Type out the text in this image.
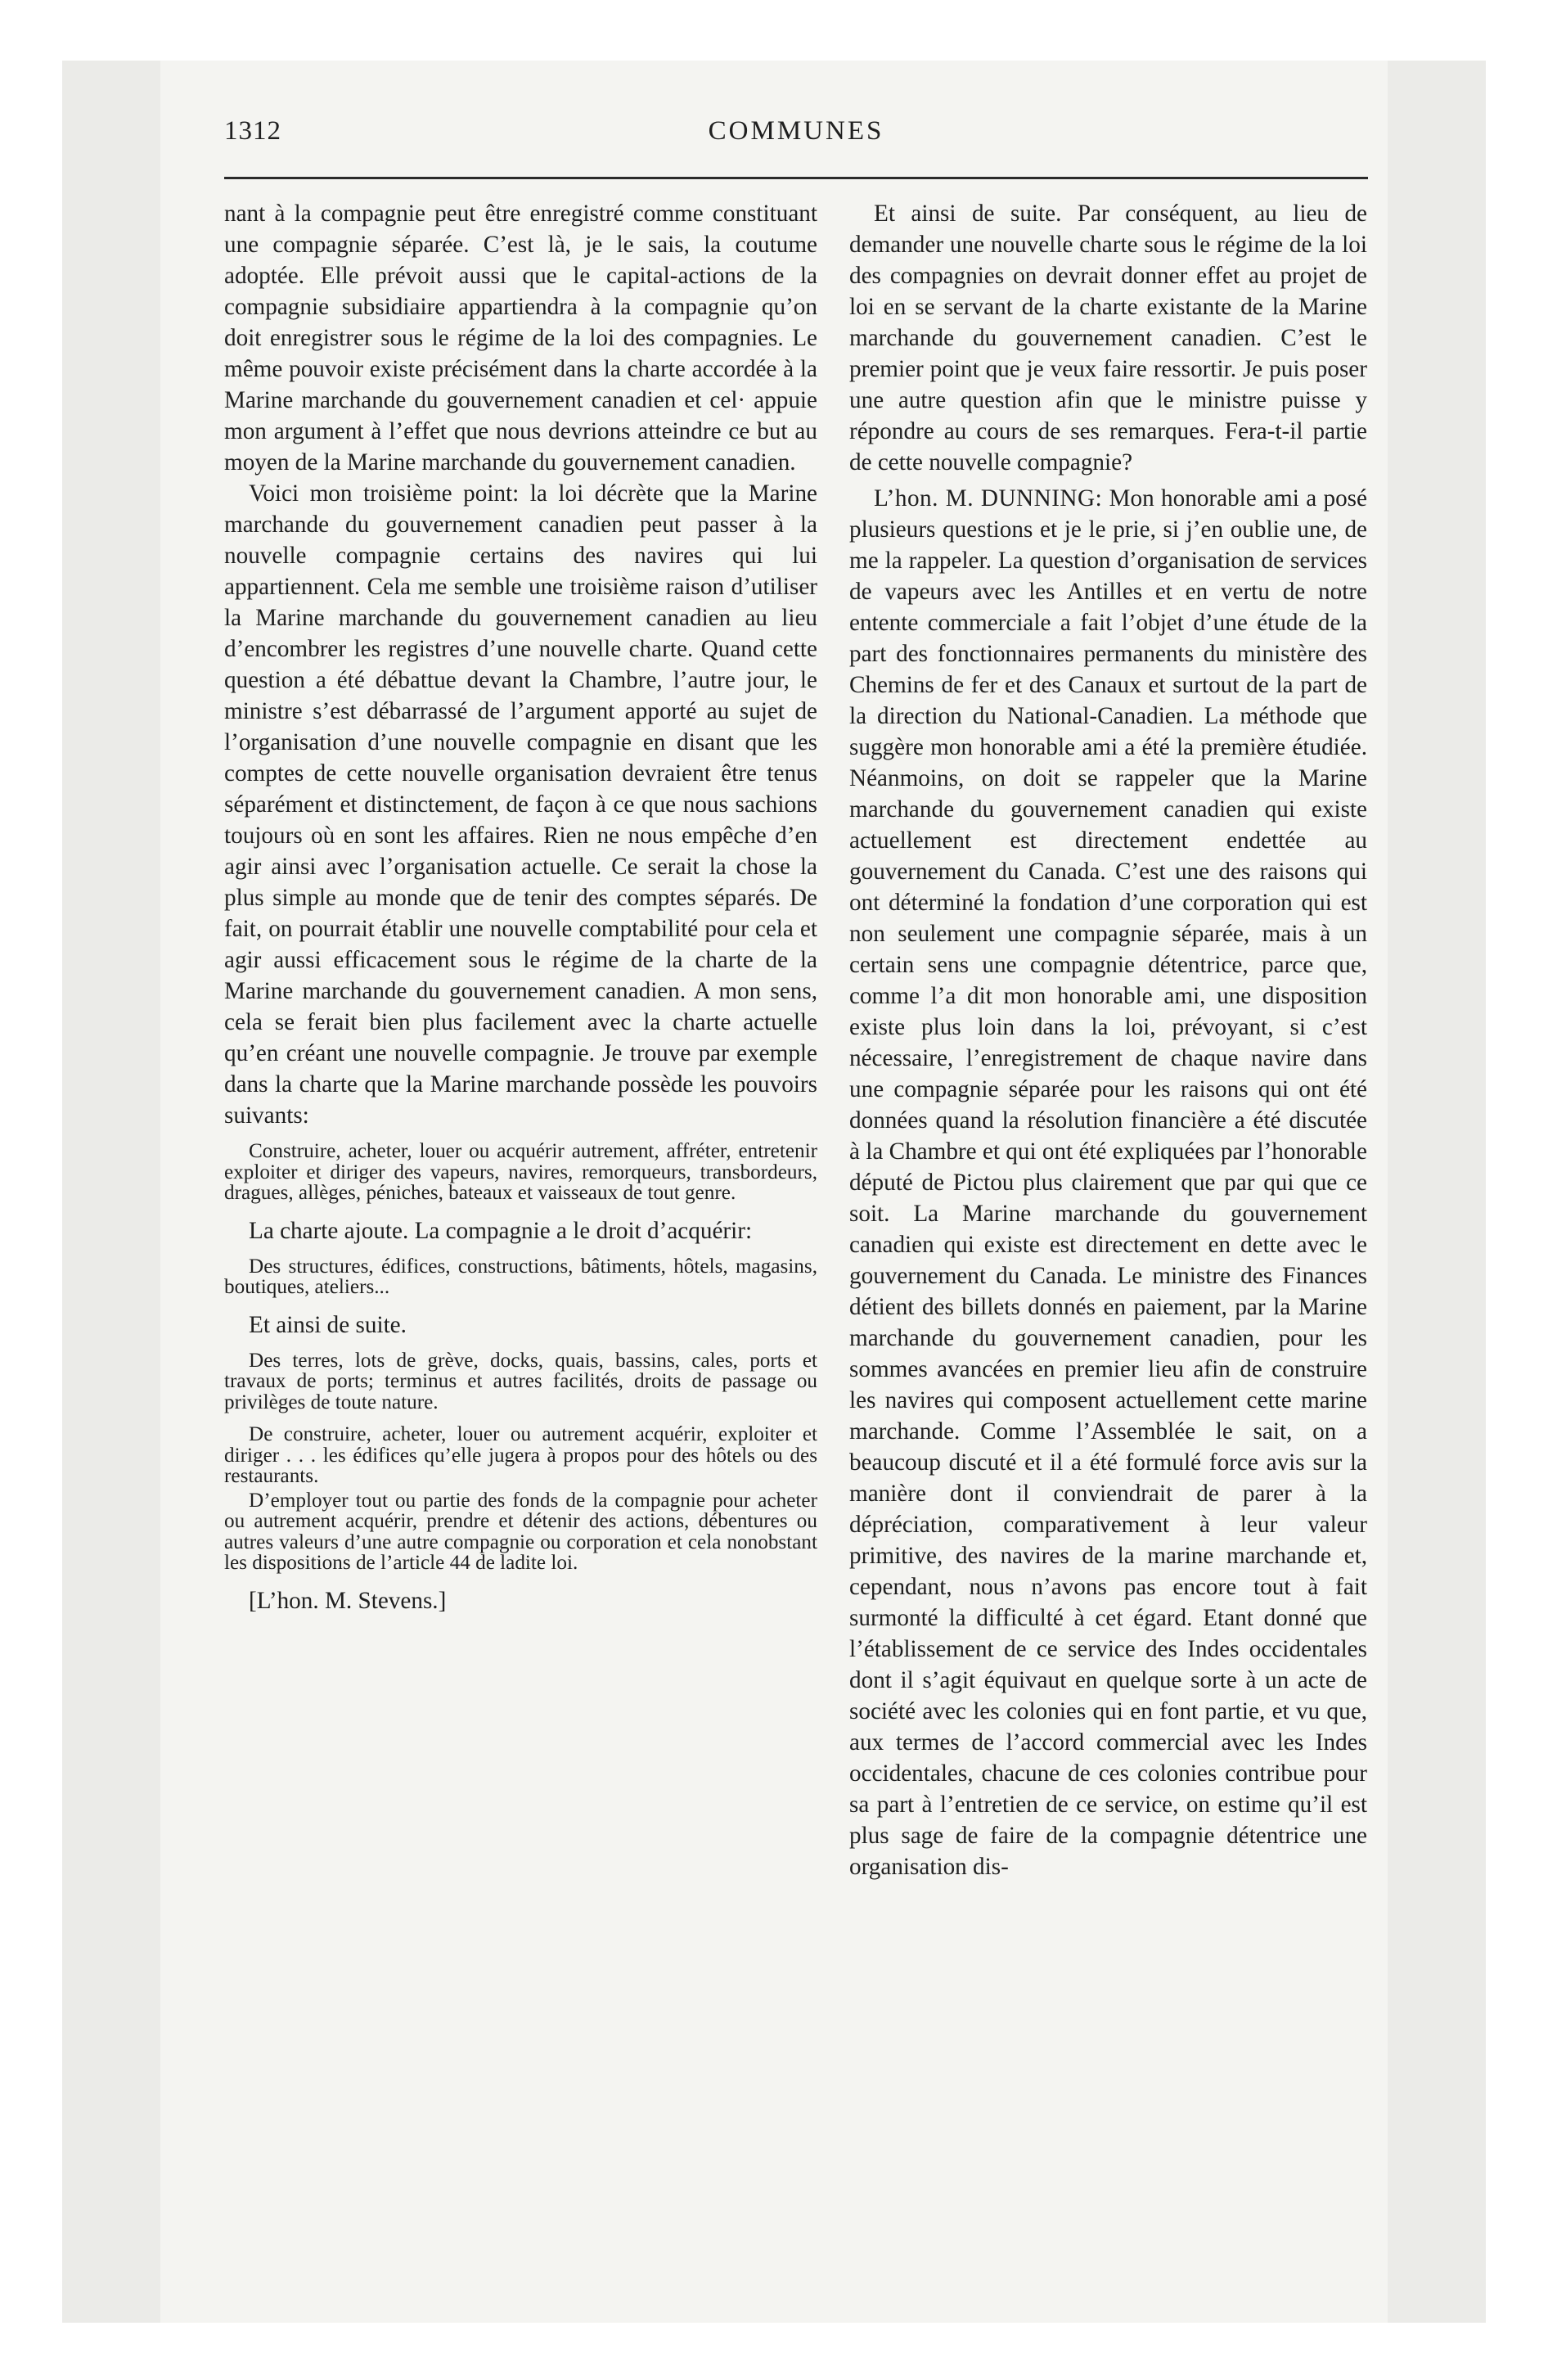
1312	COMMUNES

nant à la compagnie peut être enregistré comme constituant une compagnie séparée. C’est là, je le sais, la coutume adoptée. Elle prévoit aussi que le capital-actions de la compagnie subsidiaire appartiendra à la compagnie qu’on doit enregistrer sous le régime de la loi des compagnies. Le même pouvoir existe précisément dans la charte accordée à la Marine marchande du gouvernement canadien et cel· appuie mon argument à l’effet que nous devrions atteindre ce but au moyen de la Marine marchande du gouvernement canadien.

Voici mon troisième point: la loi décrète que la Marine marchande du gouvernement canadien peut passer à la nouvelle compagnie certains des navires qui lui appartiennent. Cela me semble une troisième raison d’utiliser la Marine marchande du gouvernement canadien au lieu d’encombrer les registres d’une nouvelle charte. Quand cette question a été débattue devant la Chambre, l’autre jour, le ministre s’est débarrassé de l’argument apporté au sujet de l’organisation d’une nouvelle compagnie en disant que les comptes de cette nouvelle organisation devraient être tenus séparément et distinctement, de façon à ce que nous sachions toujours où en sont les affaires. Rien ne nous empêche d’en agir ainsi avec l’organisation actuelle. Ce serait la chose la plus simple au monde que de tenir des comptes séparés. De fait, on pourrait établir une nouvelle comptabilité pour cela et agir aussi efficacement sous le régime de la charte de la Marine marchande du gouvernement canadien. A mon sens, cela se ferait bien plus facilement avec la charte actuelle qu’en créant une nouvelle compagnie. Je trouve par exemple dans la charte que la Marine marchande possède les pouvoirs suivants:

Construire, acheter, louer ou acquérir autrement, affréter, entretenir exploiter et diriger des vapeurs, navires, remorqueurs, transbordeurs, dragues, allèges, péniches, bateaux et vaisseaux de tout genre.

La charte ajoute. La compagnie a le droit d’acquérir:

Des structures, édifices, constructions, bâtiments, hôtels, magasins, boutiques, ateliers...

Et ainsi de suite.

Des terres, lots de grève, docks, quais, bassins, cales, ports et travaux de ports; terminus et autres facilités, droits de passage ou privilèges de toute nature.

De construire, acheter, louer ou autrement acquérir, exploiter et diriger . . . les édifices qu’elle jugera à propos pour des hôtels ou des restaurants.

D’employer tout ou partie des fonds de la compagnie pour acheter ou autrement acquérir, prendre et détenir des actions, débentures ou autres valeurs d’une autre compagnie ou corporation et cela nonobstant les dispositions de l’article 44 de ladite loi.

[L’hon. M. Stevens.]

Et ainsi de suite. Par conséquent, au lieu de demander une nouvelle charte sous le régime de la loi des compagnies on devrait donner effet au projet de loi en se servant de la charte existante de la Marine marchande du gouvernement canadien. C’est le premier point que je veux faire ressortir. Je puis poser une autre question afin que le ministre puisse y répondre au cours de ses remarques. Fera-t-il partie de cette nouvelle compagnie?

L’hon. M. DUNNING: Mon honorable ami a posé plusieurs questions et je le prie, si j’en oublie une, de me la rappeler. La question d’organisation de services de vapeurs avec les Antilles et en vertu de notre entente commerciale a fait l’objet d’une étude de la part des fonctionnaires permanents du ministère des Chemins de fer et des Canaux et surtout de la part de la direction du National-Canadien. La méthode que suggère mon honorable ami a été la première étudiée. Néanmoins, on doit se rappeler que la Marine marchande du gouvernement canadien qui existe actuellement est directement endettée au gouvernement du Canada. C’est une des raisons qui ont déterminé la fondation d’une corporation qui est non seulement une compagnie séparée, mais à un certain sens une compagnie détentrice, parce que, comme l’a dit mon honorable ami, une disposition existe plus loin dans la loi, prévoyant, si c’est nécessaire, l’enregistrement de chaque navire dans une compagnie séparée pour les raisons qui ont été données quand la résolution financière a été discutée à la Chambre et qui ont été expliquées par l’honorable député de Pictou plus clairement que par qui que ce soit. La Marine marchande du gouvernement canadien qui existe est directement en dette avec le gouvernement du Canada. Le ministre des Finances détient des billets donnés en paiement, par la Marine marchande du gouvernement canadien, pour les sommes avancées en premier lieu afin de construire les navires qui composent actuellement cette marine marchande. Comme l’Assemblée le sait, on a beaucoup discuté et il a été formulé force avis sur la manière dont il conviendrait de parer à la dépréciation, comparativement à leur valeur primitive, des navires de la marine marchande et, cependant, nous n’avons pas encore tout à fait surmonté la difficulté à cet égard. Etant donné que l’établissement de ce service des Indes occidentales dont il s’agit équivaut en quelque sorte à un acte de société avec les colonies qui en font partie, et vu que, aux termes de l’accord commercial avec les Indes occidentales, chacune de ces colonies contribue pour sa part à l’entretien de ce service, on estime qu’il est plus sage de faire de la compagnie détentrice une organisation dis-
